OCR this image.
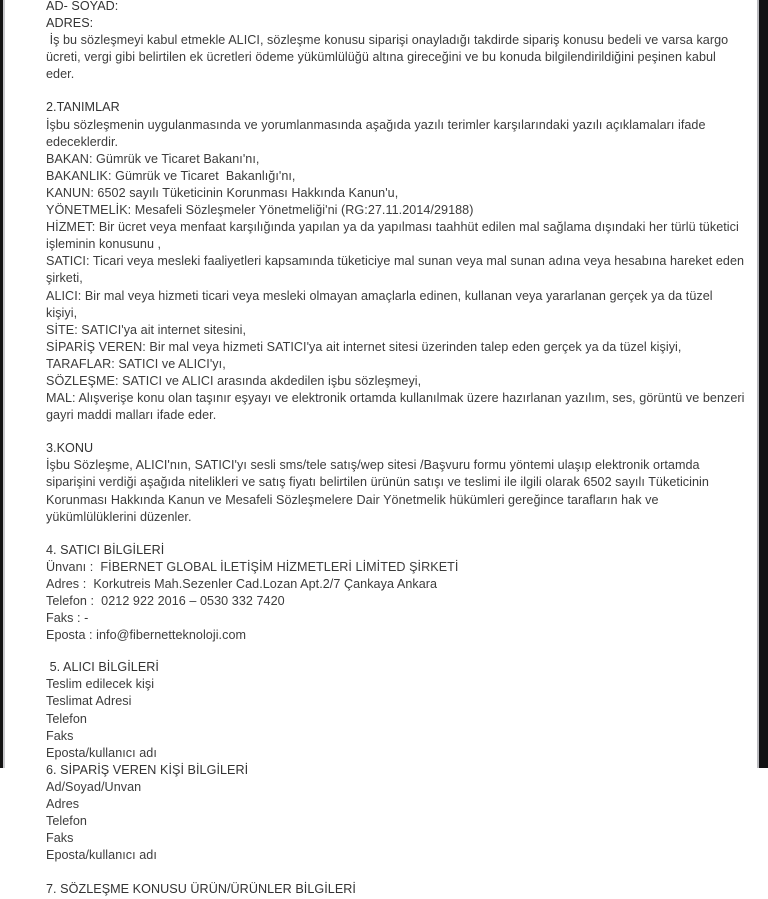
AD- SOYAD:
ADRES:

İş bu sözleşmeyi kabul etmekle ALICI, sözleşme konusu siparişi onayladığı takdirde sipariş konusu bedeli ve varsa kargo ücreti, vergi gibi belirtilen ek ücretleri ödeme yükümlülüğü altına gireceğini ve bu konuda bilgilendirildiğini peşinen kabul eder.

2.TANIMLAR

İşbu sözleşmenin uygulanmasında ve yorumlanmasında aşağıda yazılı terimler karşılarındaki yazılı açıklamaları ifade edeceklerdir.

BAKAN: Gümrük ve Ticaret Bakanı'nı,

BAKANLIK: Gümrük ve Ticaret  Bakanlığı'nı,

KANUN: 6502 sayılı Tüketicinin Korunması Hakkında Kanun'u,

YÖNETMELİK: Mesafeli Sözleşmeler Yönetmeliği'ni (RG:27.11.2014/29188)

HİZMET: Bir ücret veya menfaat karşılığında yapılan ya da yapılması taahhüt edilen mal sağlama dışındaki her türlü tüketici işleminin konusunu ,

SATICI: Ticari veya mesleki faaliyetleri kapsamında tüketiciye mal sunan veya mal sunan adına veya hesabına hareket eden şirketi,

ALICI: Bir mal veya hizmeti ticari veya mesleki olmayan amaçlarla edinen, kullanan veya yararlanan gerçek ya da tüzel kişiyi,

SİTE: SATICI'ya ait internet sitesini,

SİPARİŞ VEREN: Bir mal veya hizmeti SATICI'ya ait internet sitesi üzerinden talep eden gerçek ya da tüzel kişiyi,

TARAFLAR: SATICI ve ALICI'yı,

SÖZLEŞME: SATICI ve ALICI arasında akdedilen işbu sözleşmeyi,

MAL: Alışverişe konu olan taşınır eşyayı ve elektronik ortamda kullanılmak üzere hazırlanan yazılım, ses, görüntü ve benzeri gayri maddi malları ifade eder.

3.KONU

İşbu Sözleşme, ALICI'nın, SATICI'yı sesli sms/tele satış/wep sitesi /Başvuru formu yöntemi ulaşıp elektronik ortamda siparişini verdiği aşağıda nitelikleri ve satış fiyatı belirtilen ürünün satışı ve teslimi ile ilgili olarak 6502 sayılı Tüketicinin Korunması Hakkında Kanun ve Mesafeli Sözleşmelere Dair Yönetmelik hükümleri gereğince tarafların hak ve yükümlülüklerini düzenler.

4. SATICI BİLGİLERİ
Ünvanı :  FİBERNET GLOBAL İLETİŞİM HİZMETLERİ LİMİTED ŞİRKETİ
Adres :  Korkutreis Mah.Sezenler Cad.Lozan Apt.2/7 Çankaya Ankara
Telefon :  0212 922 2016 – 0530 332 7420
Faks : -
Eposta : info@fibernetteknoloji.com
5. ALICI BİLGİLERİ
Teslim edilecek kişi
Teslimat Adresi
Telefon
Faks
Eposta/kullanıcı adı
6. SİPARİŞ VEREN KİŞİ BİLGİLERİ
Ad/Soyad/Unvan
Adres
Telefon
Faks
Eposta/kullanıcı adı
7. SÖZLEŞME KONUSU ÜRÜN/ÜRÜNLER BİLGİLERİ
